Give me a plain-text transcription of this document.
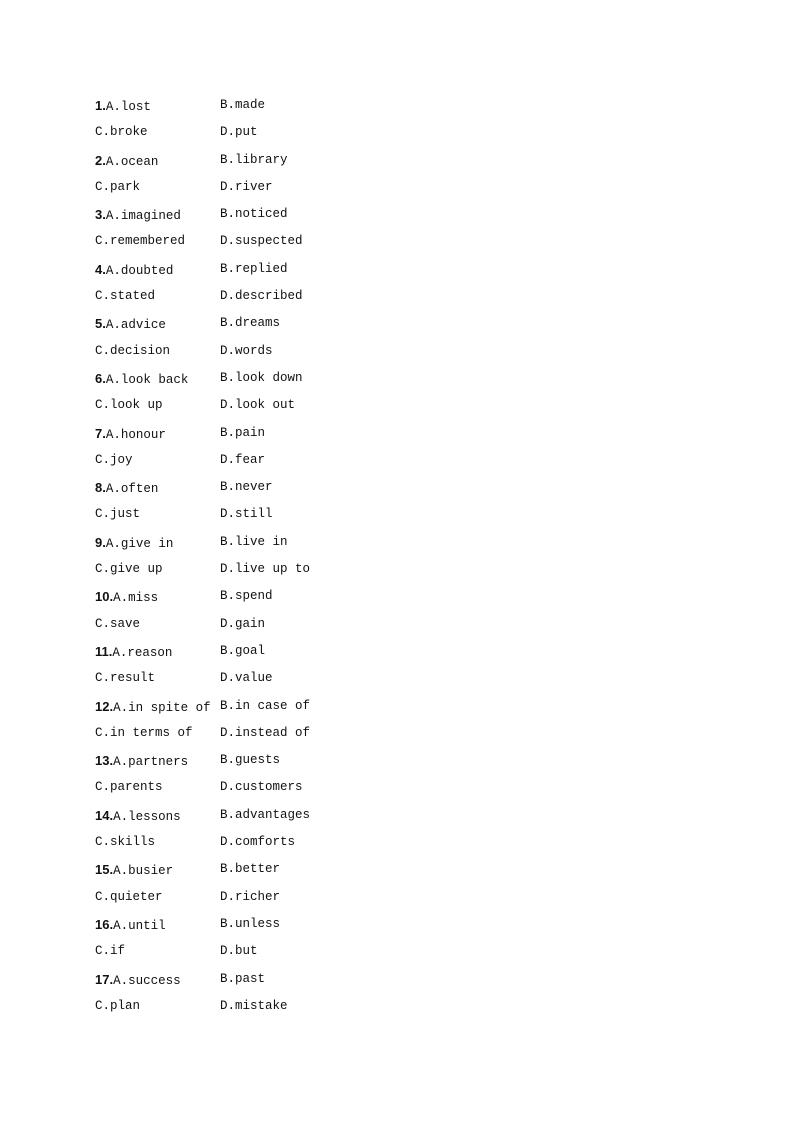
1.A.lost	B.made
C.broke	D.put
2.A.ocean	B.library
C.park	D.river
3.A.imagined	B.noticed
C.remembered	D.suspected
4.A.doubted	B.replied
C.stated	D.described
5.A.advice	B.dreams
C.decision	D.words
6.A.look back	B.look down
C.look up	D.look out
7.A.honour	B.pain
C.joy	D.fear
8.A.often	B.never
C.just	D.still
9.A.give in	B.live in
C.give up	D.live up to
10.A.miss	B.spend
C.save	D.gain
11.A.reason	B.goal
C.result	D.value
12.A.in spite of B.in case of
C.in terms of	D.instead of
13.A.partners	B.guests
C.parents	D.customers
14.A.lessons	B.advantages
C.skills	D.comforts
15.A.busier	B.better
C.quieter	D.richer
16.A.until	B.unless
C.if	D.but
17.A.success	B.past
C.plan	D.mistake
